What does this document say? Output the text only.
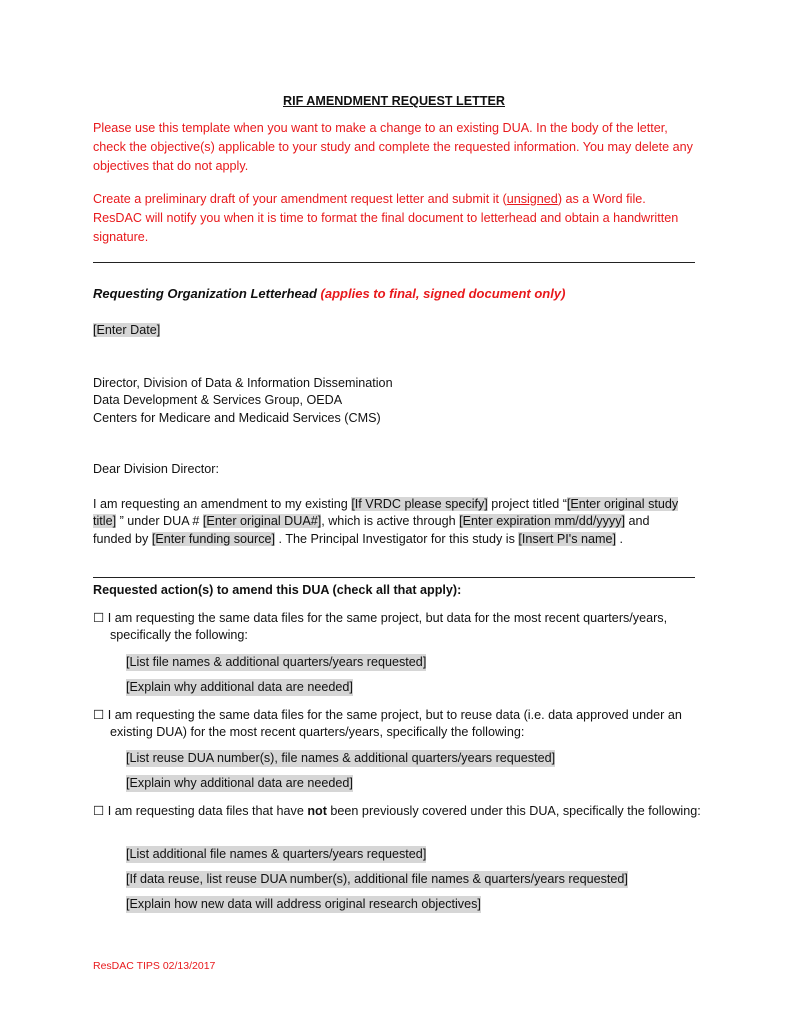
RIF AMENDMENT REQUEST LETTER
Please use this template when you want to make a change to an existing DUA. In the body of the letter, check the objective(s) applicable to your study and complete the requested information. You may delete any objectives that do not apply.
Create a preliminary draft of your amendment request letter and submit it (unsigned) as a Word file. ResDAC will notify you when it is time to format the final document to letterhead and obtain a handwritten signature.
Requesting Organization Letterhead (applies to final, signed document only)
[Enter Date]
Director, Division of Data & Information Dissemination
Data Development & Services Group, OEDA
Centers for Medicare and Medicaid Services (CMS)
Dear Division Director:
I am requesting an amendment to my existing [If VRDC please specify] project titled “[Enter original study title] ” under DUA # [Enter original DUA#], which is active through [Enter expiration mm/dd/yyyy] and funded by [Enter funding source] . The Principal Investigator for this study is [Insert PI's name] .
Requested action(s) to amend this DUA (check all that apply):
☐ I am requesting the same data files for the same project, but data for the most recent quarters/years, specifically the following:
[List file names & additional quarters/years requested]
[Explain why additional data are needed]
☐ I am requesting the same data files for the same project, but to reuse data (i.e. data approved under an existing DUA) for the most recent quarters/years, specifically the following:
[List reuse DUA number(s), file names & additional quarters/years requested]
[Explain why additional data are needed]
☐ I am requesting data files that have not been previously covered under this DUA, specifically the following:
[List additional file names & quarters/years requested]
[If data reuse, list reuse DUA number(s), additional file names & quarters/years requested]
[Explain how new data will address original research objectives]
ResDAC TIPS 02/13/2017
